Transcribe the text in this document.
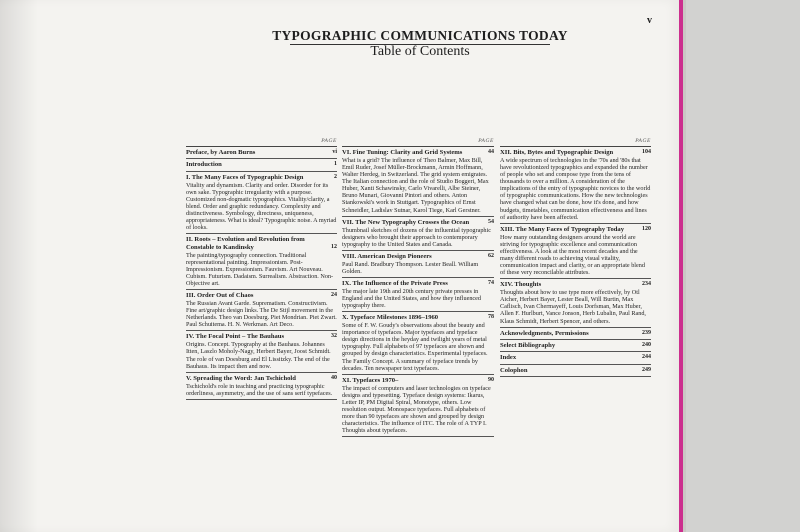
v
TYPOGRAPHIC COMMUNICATIONS TODAY
Table of Contents
PAGE
Preface, by Aaron Burns	vi
Introduction	1
I. The Many Faces of Typographic Design	2
Vitality and dynamism. Clarity and order. Disorder for its own sake. Typographic irregularity with a purpose. Customized non-dogmatic typographics. Vitality/clarity, a blend. Order and graphic redundancy. Complexity and distinctiveness. Symbology, directness, uniqueness, appropriateness. What is ideal? Typographic noise. A myriad of looks.
II. Roots – Evolution and Revolution from Constable to Kandinsky	12
The painting/typography connection. Traditional representational painting. Impressionism. Post-Impressionism. Expressionism. Fauvism. Art Nouveau. Cubism. Futurism. Dadaism. Surrealism. Abstraction. Non-Objective art.
III. Order Out of Chaos	24
The Russian Avant Garde. Suprematism. Constructivism. Fine art/graphic design links. The De Stijl movement in the Netherlands. Theo van Doesburg. Piet Mondrian. Piet Zwart. Paul Schuitema. H. N. Werkman. Art Deco.
IV. The Focal Point – The Bauhaus	32
Origins. Concept. Typography at the Bauhaus. Johannes Itten, Laszlo Moholy-Nagy, Herbert Bayer, Joost Schmidt. The role of van Doesburg and El Lissitzky. The end of the Bauhaus. Its impact then and now.
V. Spreading the Word: Jan Tschichold	40
Tschichold's role in teaching and practicing typographic orderliness, asymmetry, and the use of sans serif typefaces.
PAGE
VI. Fine Tuning: Clarity and Grid Systems	44
What is a grid? The influence of Theo Balmer, Max Bill, Emil Ruder, Josef Müller-Brockmann, Armin Hoffmann, Walter Herdeg, in Switzerland. The grid system emigrates. The Italian connection and the role of Studio Boggeri, Max Huber, Xanti Schawinsky, Carlo Vivarelli, Albe Steiner, Bruno Munari, Giovanni Pintori and others. Anton Stankowski's work in Stuttgart. Typographics of Ernst Schneidler, Ladislav Sutnar, Karol Tiege, Karl Gerstner.
VII. The New Typography Crosses the Ocean	54
Thumbnail sketches of dozens of the influential typographic designers who brought their approach to contemporary typography to the United States and Canada.
VIII. American Design Pioneers	62
Paul Rand. Bradbury Thompson. Lester Beall. William Golden.
IX. The Influence of the Private Press	74
The major late 19th and 20th century private presses in England and the United States, and how they influenced typography there.
X. Typeface Milestones 1896–1960	78
Some of F. W. Goudy's observations about the beauty and importance of typefaces. Major typefaces and typeface design directions in the heyday and twilight years of metal typography. Full alphabets of 97 typefaces are shown and grouped by design characteristics. Experimental typefaces. The Family Concept. A summary of typeface trends by decades. Ten newspaper text typefaces.
XI. Typefaces 1970–	90
The impact of computers and laser technologies on typeface designs and typesetting. Typeface design systems: Ikarus, Letter IP, PM Digital Spiral, Monotype, others. Low resolution output. Monospace typefaces. Full alphabets of more than 90 typefaces are shown and grouped by design characteristics. The influence of ITC. The role of A TYP I. Thoughts about typefaces.
PAGE
XII. Bits, Bytes and Typographic Design	104
A wide spectrum of technologies in the '70s and '80s that have revolutionized typographics and expanded the number of people who set and compose type from the tens of thousands to over a million. A consideration of the implications of the entry of typographic novices to the world of typographic communications. How the new technologies have changed what can be done, how it's done, and how budgets, timetables, communication effectiveness and lines of authority have been affected.
XIII. The Many Faces of Typography Today	120
How many outstanding designers around the world are striving for typographic excellence and communication effectiveness. A look at the most recent decades and the many different roads to achieving visual vitality, communication impact and clarity, or an appropriate blend of these very reconcilable attributes.
XIV. Thoughts	234
Thoughts about how to use type more effectively, by Otl Aicher, Herbert Bayer, Lester Beall, Will Burtin, Max Caflisch, Ivan Chermayeff, Louis Dorfsman, Max Huber, Allen F. Hurlburt, Vance Jonson, Herb Lubalin, Paul Rand, Klaus Schmidt, Herbert Spencer, and others.
Acknowledgments, Permissions	239
Select Bibliography	240
Index	244
Colophon	249
